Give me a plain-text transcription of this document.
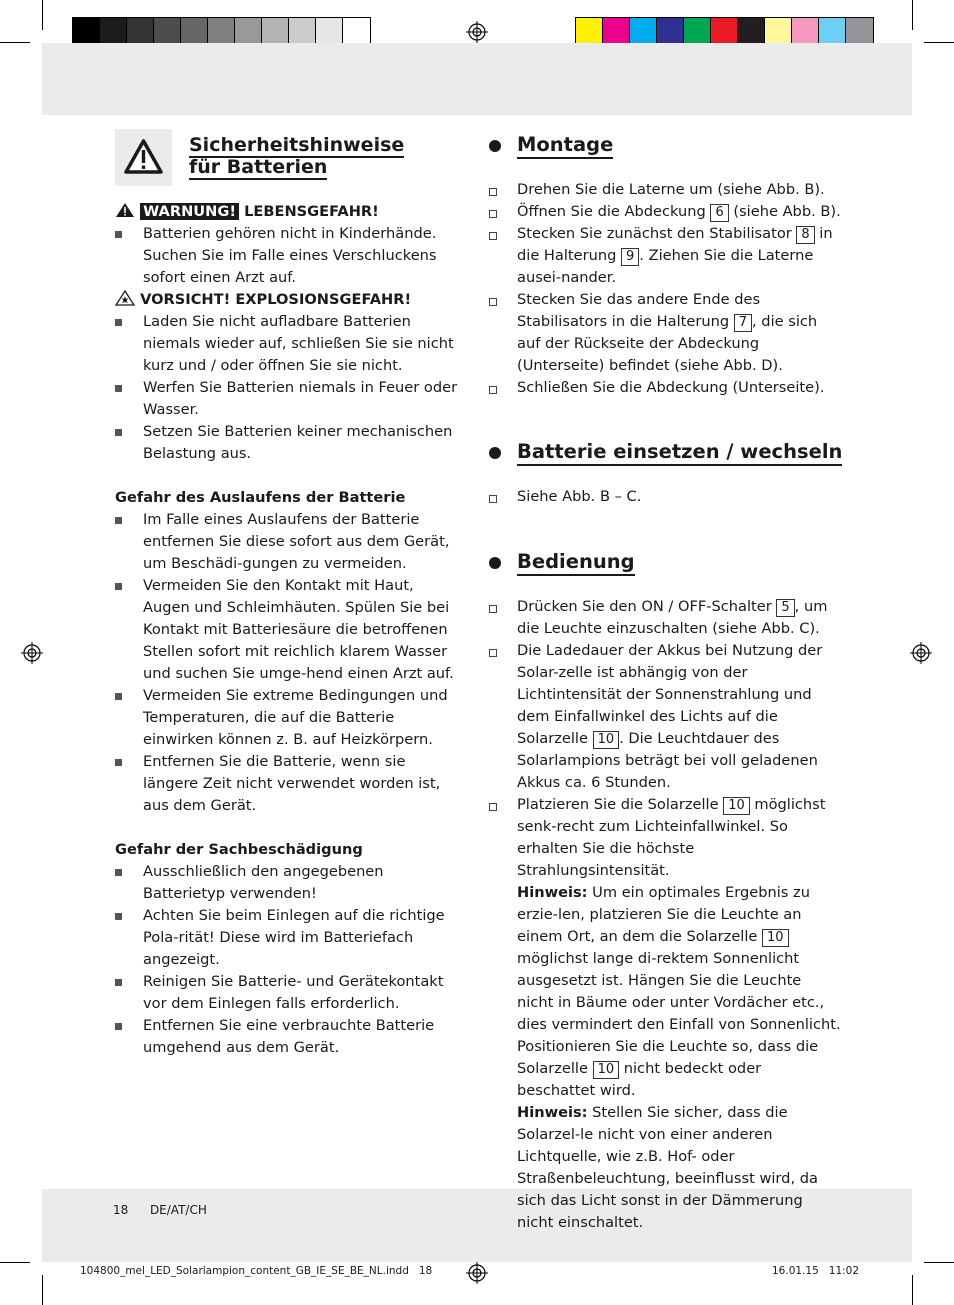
Sicherheitshinweise
für Batterien
WARNUNG! LEBENSGEFAHR!
Batterien gehören nicht in Kinderhände. Suchen Sie im Falle eines Verschluckens sofort einen Arzt auf.
VORSICHT! EXPLOSIONSGEFAHR!
Laden Sie nicht aufladbare Batterien niemals wieder auf, schließen Sie sie nicht kurz und / oder öffnen Sie sie nicht.
Werfen Sie Batterien niemals in Feuer oder Wasser.
Setzen Sie Batterien keiner mechanischen Belastung aus.
Gefahr des Auslaufens der Batterie
Im Falle eines Auslaufens der Batterie entfernen Sie diese sofort aus dem Gerät, um Beschädi-gungen zu vermeiden.
Vermeiden Sie den Kontakt mit Haut, Augen und Schleimhäuten. Spülen Sie bei Kontakt mit Batteriesäure die betroffenen Stellen sofort mit reichlich klarem Wasser und suchen Sie umge-hend einen Arzt auf.
Vermeiden Sie extreme Bedingungen und Temperaturen, die auf die Batterie einwirken können z. B. auf Heizkörpern.
Entfernen Sie die Batterie, wenn sie längere Zeit nicht verwendet worden ist, aus dem Gerät.
Gefahr der Sachbeschädigung
Ausschließlich den angegebenen Batterietyp verwenden!
Achten Sie beim Einlegen auf die richtige Pola-rität! Diese wird im Batteriefach angezeigt.
Reinigen Sie Batterie- und Gerätekontakt vor dem Einlegen falls erforderlich.
Entfernen Sie eine verbrauchte Batterie umgehend aus dem Gerät.
Montage
Drehen Sie die Laterne um (siehe Abb. B).
Öffnen Sie die Abdeckung 6 (siehe Abb. B).
Stecken Sie zunächst den Stabilisator 8 in die Halterung 9 . Ziehen Sie die Laterne ausei-nander.
Stecken Sie das andere Ende des Stabilisators in die Halterung 7 , die sich auf der Rückseite der Abdeckung (Unterseite) befindet (siehe Abb. D).
Schließen Sie die Abdeckung (Unterseite).
Batterie einsetzen / wechseln
Siehe Abb. B – C.
Bedienung
Drücken Sie den ON / OFF-Schalter 5 , um die Leuchte einzuschalten (siehe Abb. C).
Die Ladedauer der Akkus bei Nutzung der Solar-zelle ist abhängig von der Lichtintensität der Sonnenstrahlung und dem Einfallwinkel des Lichts auf die Solarzelle 10 . Die Leuchtdauer des Solarlampions beträgt bei voll geladenen Akkus ca. 6 Stunden.
Platzieren Sie die Solarzelle 10 möglichst senk-recht zum Lichteinfallwinkel. So erhalten Sie die höchste Strahlungsintensität.
Hinweis: Um ein optimales Ergebnis zu erzie-len, platzieren Sie die Leuchte an einem Ort, an dem die Solarzelle 10 möglichst lange di-rektem Sonnenlicht ausgesetzt ist. Hängen Sie die Leuchte nicht in Bäume oder unter Vordächer etc., dies vermindert den Einfall von Sonnenlicht. Positionieren Sie die Leuchte so, dass die Solarzelle 10 nicht bedeckt oder beschattet wird.
Hinweis: Stellen Sie sicher, dass die Solarzel-le nicht von einer anderen Lichtquelle, wie z.B. Hof- oder Straßenbeleuchtung, beeinflusst wird, da sich das Licht sonst in der Dämmerung nicht einschaltet.
18 DE/AT/CH
104800_mel_LED_Solarlampion_content_GB_IE_SE_BE_NL.indd   18	16.01.15   11:02
